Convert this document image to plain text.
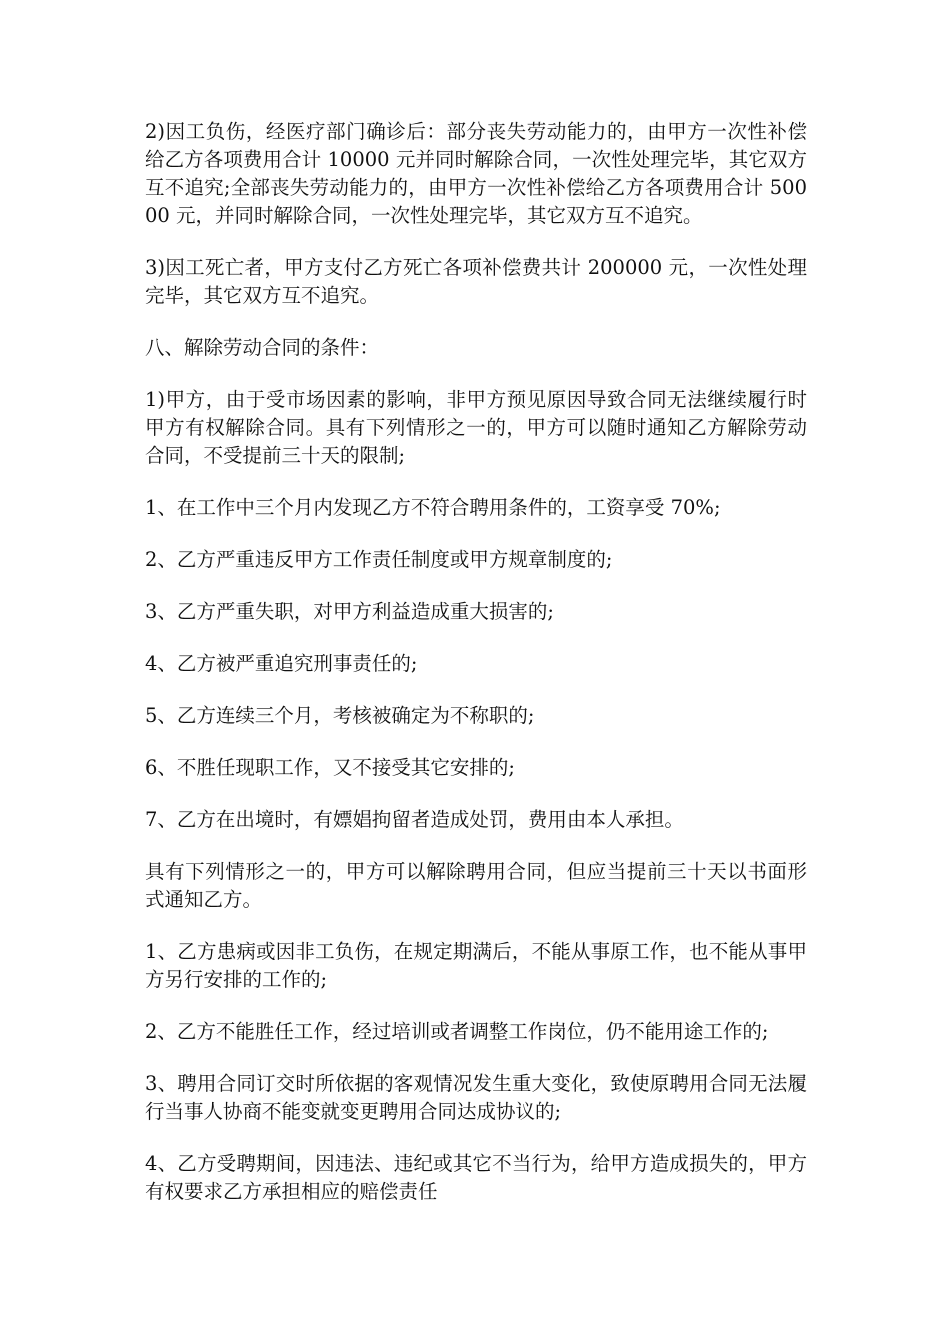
2)因工负伤，经医疗部门确诊后：部分丧失劳动能力的，由甲方一次性补偿给乙方各项费用合计 10000 元并同时解除合同，一次性处理完毕，其它双方互不追究;全部丧失劳动能力的，由甲方一次性补偿给乙方各项费用合计 50000 元，并同时解除合同，一次性处理完毕，其它双方互不追究。

3)因工死亡者，甲方支付乙方死亡各项补偿费共计 200000 元，一次性处理完毕，其它双方互不追究。

八、解除劳动合同的条件：

1)甲方，由于受市场因素的影响，非甲方预见原因导致合同无法继续履行时甲方有权解除合同。具有下列情形之一的，甲方可以随时通知乙方解除劳动合同，不受提前三十天的限制;

1、在工作中三个月内发现乙方不符合聘用条件的，工资享受 70%;

2、乙方严重违反甲方工作责任制度或甲方规章制度的;

3、乙方严重失职，对甲方利益造成重大损害的;

4、乙方被严重追究刑事责任的;

5、乙方连续三个月，考核被确定为不称职的;

6、不胜任现职工作，又不接受其它安排的;

7、乙方在出境时，有嫖娼拘留者造成处罚，费用由本人承担。

具有下列情形之一的，甲方可以解除聘用合同，但应当提前三十天以书面形式通知乙方。

1、乙方患病或因非工负伤，在规定期满后，不能从事原工作，也不能从事甲方另行安排的工作的;

2、乙方不能胜任工作，经过培训或者调整工作岗位，仍不能用途工作的;

3、聘用合同订交时所依据的客观情况发生重大变化，致使原聘用合同无法履行当事人协商不能变就变更聘用合同达成协议的;

4、乙方受聘期间，因违法、违纪或其它不当行为，给甲方造成损失的，甲方有权要求乙方承担相应的赔偿责任
